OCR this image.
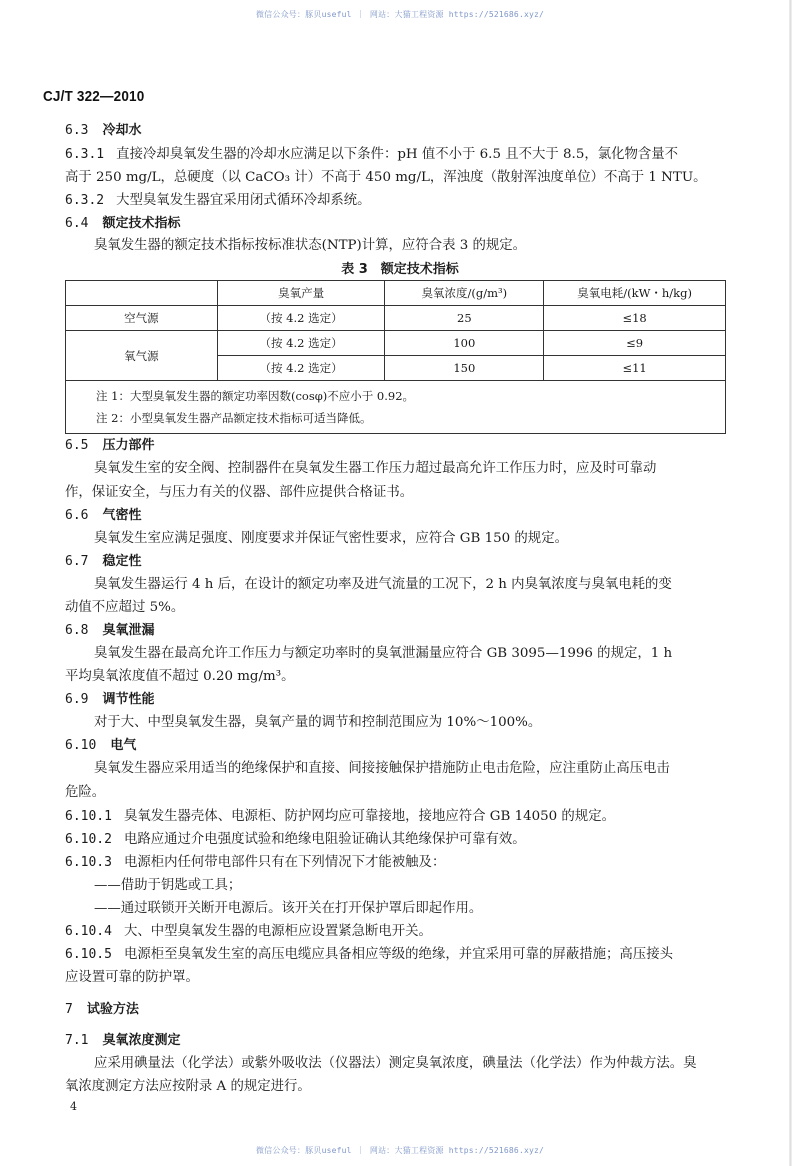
微信公众号：豚贝useful ｜ 网站：大猫工程资源 https://521686.xyz/
CJ/T 322—2010
6.3 冷却水
6.3.1 直接冷却臭氧发生器的冷却水应满足以下条件：pH 值不小于 6.5 且不大于 8.5，氯化物含量不
高于 250 mg/L，总硬度（以 CaCO₃ 计）不高于 450 mg/L，浑浊度（散射浑浊度单位）不高于 1 NTU。
6.3.2 大型臭氧发生器宜采用闭式循环冷却系统。
6.4 额定技术指标
臭氧发生器的额定技术指标按标准状态(NTP)计算，应符合表 3 的规定。
表 3　额定技术指标
	臭氧产量	臭氧浓度/(g/m³)	臭氧电耗/(kW・h/kg)
空气源	（按 4.2 选定）	25	≤18
氧气源	（按 4.2 选定）	100	≤9
	（按 4.2 选定）	150	≤11

注 1：大型臭氧发生器的额定功率因数(cosφ)不应小于 0.92。
注 2：小型臭氧发生器产品额定技术指标可适当降低。			
6.5 压力部件
臭氧发生室的安全阀、控制器件在臭氧发生器工作压力超过最高允许工作压力时，应及时可靠动
作，保证安全，与压力有关的仪器、部件应提供合格证书。
6.6 气密性
臭氧发生室应满足强度、刚度要求并保证气密性要求，应符合 GB 150 的规定。
6.7 稳定性
臭氧发生器运行 4 h 后，在设计的额定功率及进气流量的工况下，2 h 内臭氧浓度与臭氧电耗的变
动值不应超过 5%。
6.8 臭氧泄漏
臭氧发生器在最高允许工作压力与额定功率时的臭氧泄漏量应符合 GB 3095—1996 的规定，1 h
平均臭氧浓度值不超过 0.20 mg/m³。
6.9 调节性能
对于大、中型臭氧发生器，臭氧产量的调节和控制范围应为 10%～100%。
6.10 电气
臭氧发生器应采用适当的绝缘保护和直接、间接接触保护措施防止电击危险，应注重防止高压电击
危险。
6.10.1 臭氧发生器壳体、电源柜、防护网均应可靠接地，接地应符合 GB 14050 的规定。
6.10.2 电路应通过介电强度试验和绝缘电阻验证确认其绝缘保护可靠有效。
6.10.3 电源柜内任何带电部件只有在下列情况下才能被触及：
——借助于钥匙或工具；
——通过联锁开关断开电源后。该开关在打开保护罩后即起作用。
6.10.4 大、中型臭氧发生器的电源柜应设置紧急断电开关。
6.10.5 电源柜至臭氧发生室的高压电缆应具备相应等级的绝缘，并宜采用可靠的屏蔽措施；高压接头
应设置可靠的防护罩。
7 试验方法
7.1 臭氧浓度测定
应采用碘量法（化学法）或紫外吸收法（仪器法）测定臭氧浓度，碘量法（化学法）作为仲裁方法。臭
氧浓度测定方法应按附录 A 的规定进行。
4
微信公众号：豚贝useful ｜ 网站：大猫工程资源 https://521686.xyz/
